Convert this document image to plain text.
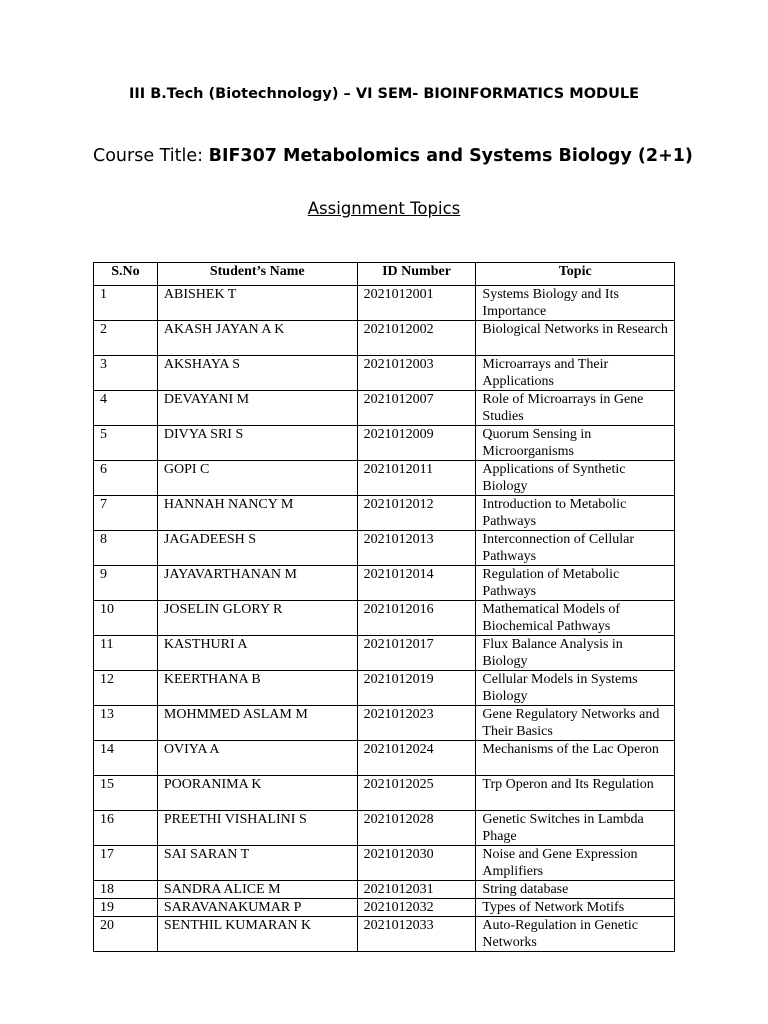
III B.Tech (Biotechnology) – VI SEM- BIOINFORMATICS MODULE
Course Title: BIF307 Metabolomics and Systems Biology (2+1)
Assignment Topics
S.No	Student’s Name	ID Number	Topic
1	ABISHEK T	2021012001	Systems Biology and Its Importance
2	AKASH JAYAN A K	2021012002	Biological Networks in Research
3	AKSHAYA S	2021012003	Microarrays and Their Applications
4	DEVAYANI M	2021012007	Role of Microarrays in Gene Studies
5	DIVYA SRI S	2021012009	Quorum Sensing in Microorganisms
6	GOPI C	2021012011	Applications of Synthetic Biology
7	HANNAH NANCY M	2021012012	Introduction to Metabolic Pathways
8	JAGADEESH S	2021012013	Interconnection of Cellular Pathways
9	JAYAVARTHANAN M	2021012014	Regulation of Metabolic Pathways
10	JOSELIN GLORY R	2021012016	Mathematical Models of Biochemical Pathways
11	KASTHURI A	2021012017	Flux Balance Analysis in Biology
12	KEERTHANA B	2021012019	Cellular Models in Systems Biology
13	MOHMMED ASLAM M	2021012023	Gene Regulatory Networks and Their Basics
14	OVIYA A	2021012024	Mechanisms of the Lac Operon
15	POORANIMA K	2021012025	Trp Operon and Its Regulation
16	PREETHI VISHALINI S	2021012028	Genetic Switches in Lambda Phage
17	SAI SARAN T	2021012030	Noise and Gene Expression Amplifiers
18	SANDRA ALICE M	2021012031	String database
19	SARAVANAKUMAR P	2021012032	Types of Network Motifs
20	SENTHIL KUMARAN K	2021012033	Auto-Regulation in Genetic Networks
